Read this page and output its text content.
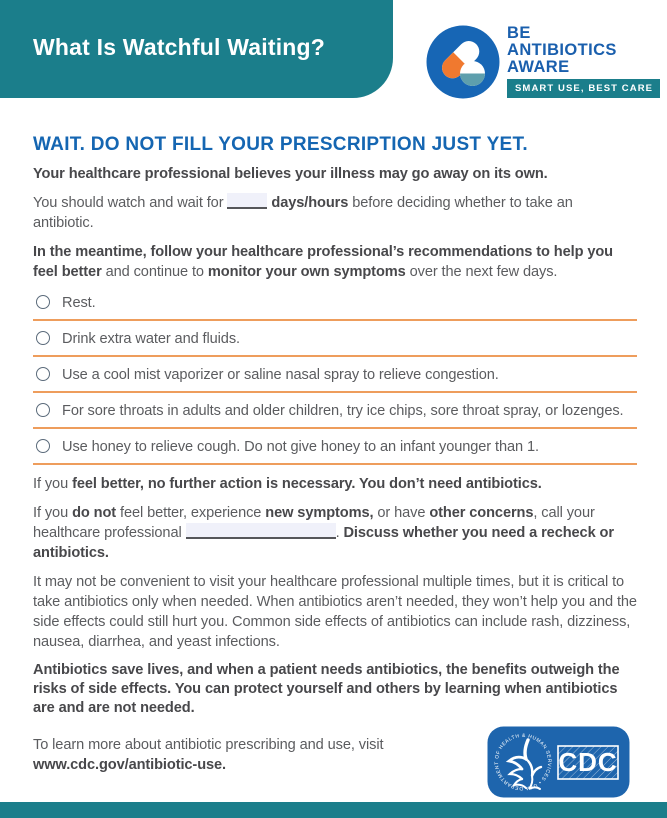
What Is Watchful Waiting?
BE
ANTIBIOTICS
AWARE
SMART USE, BEST CARE
WAIT. DO NOT FILL YOUR PRESCRIPTION JUST YET.

Your healthcare professional believes your illness may go away on its own.

You should watch and wait for	days/hours before deciding whether to take an antibiotic.

In the meantime, follow your healthcare professional’s recommendations to help you feel better and continue to monitor your own symptoms over the next few days.

Rest.
Drink extra water and fluids.
Use a cool mist vaporizer or saline nasal spray to relieve congestion.
For sore throats in adults and older children, try ice chips, sore throat spray, or lozenges.
Use honey to relieve cough. Do not give honey to an infant younger than 1.

If you feel better, no further action is necessary. You don’t need antibiotics.

If you do not feel better, experience new symptoms, or have other concerns, call your healthcare professional	. Discuss whether you need a recheck or antibiotics.

It may not be convenient to visit your healthcare professional multiple times, but it is critical to take antibiotics only when needed. When antibiotics aren’t needed, they won’t help you and the side effects could still hurt you. Common side effects of antibiotics can include rash, dizziness, nausea, diarrhea, and yeast infections.

Antibiotics save lives, and when a patient needs antibiotics, the benefits outweigh the risks of side effects. You can protect yourself and others by learning when antibiotics are and are not needed.

To learn more about antibiotic prescribing and use, visit www.cdc.gov/antibiotic-use.

DEPARTMENT OF HEALTH & HUMAN SERVICES • USA
CDC
